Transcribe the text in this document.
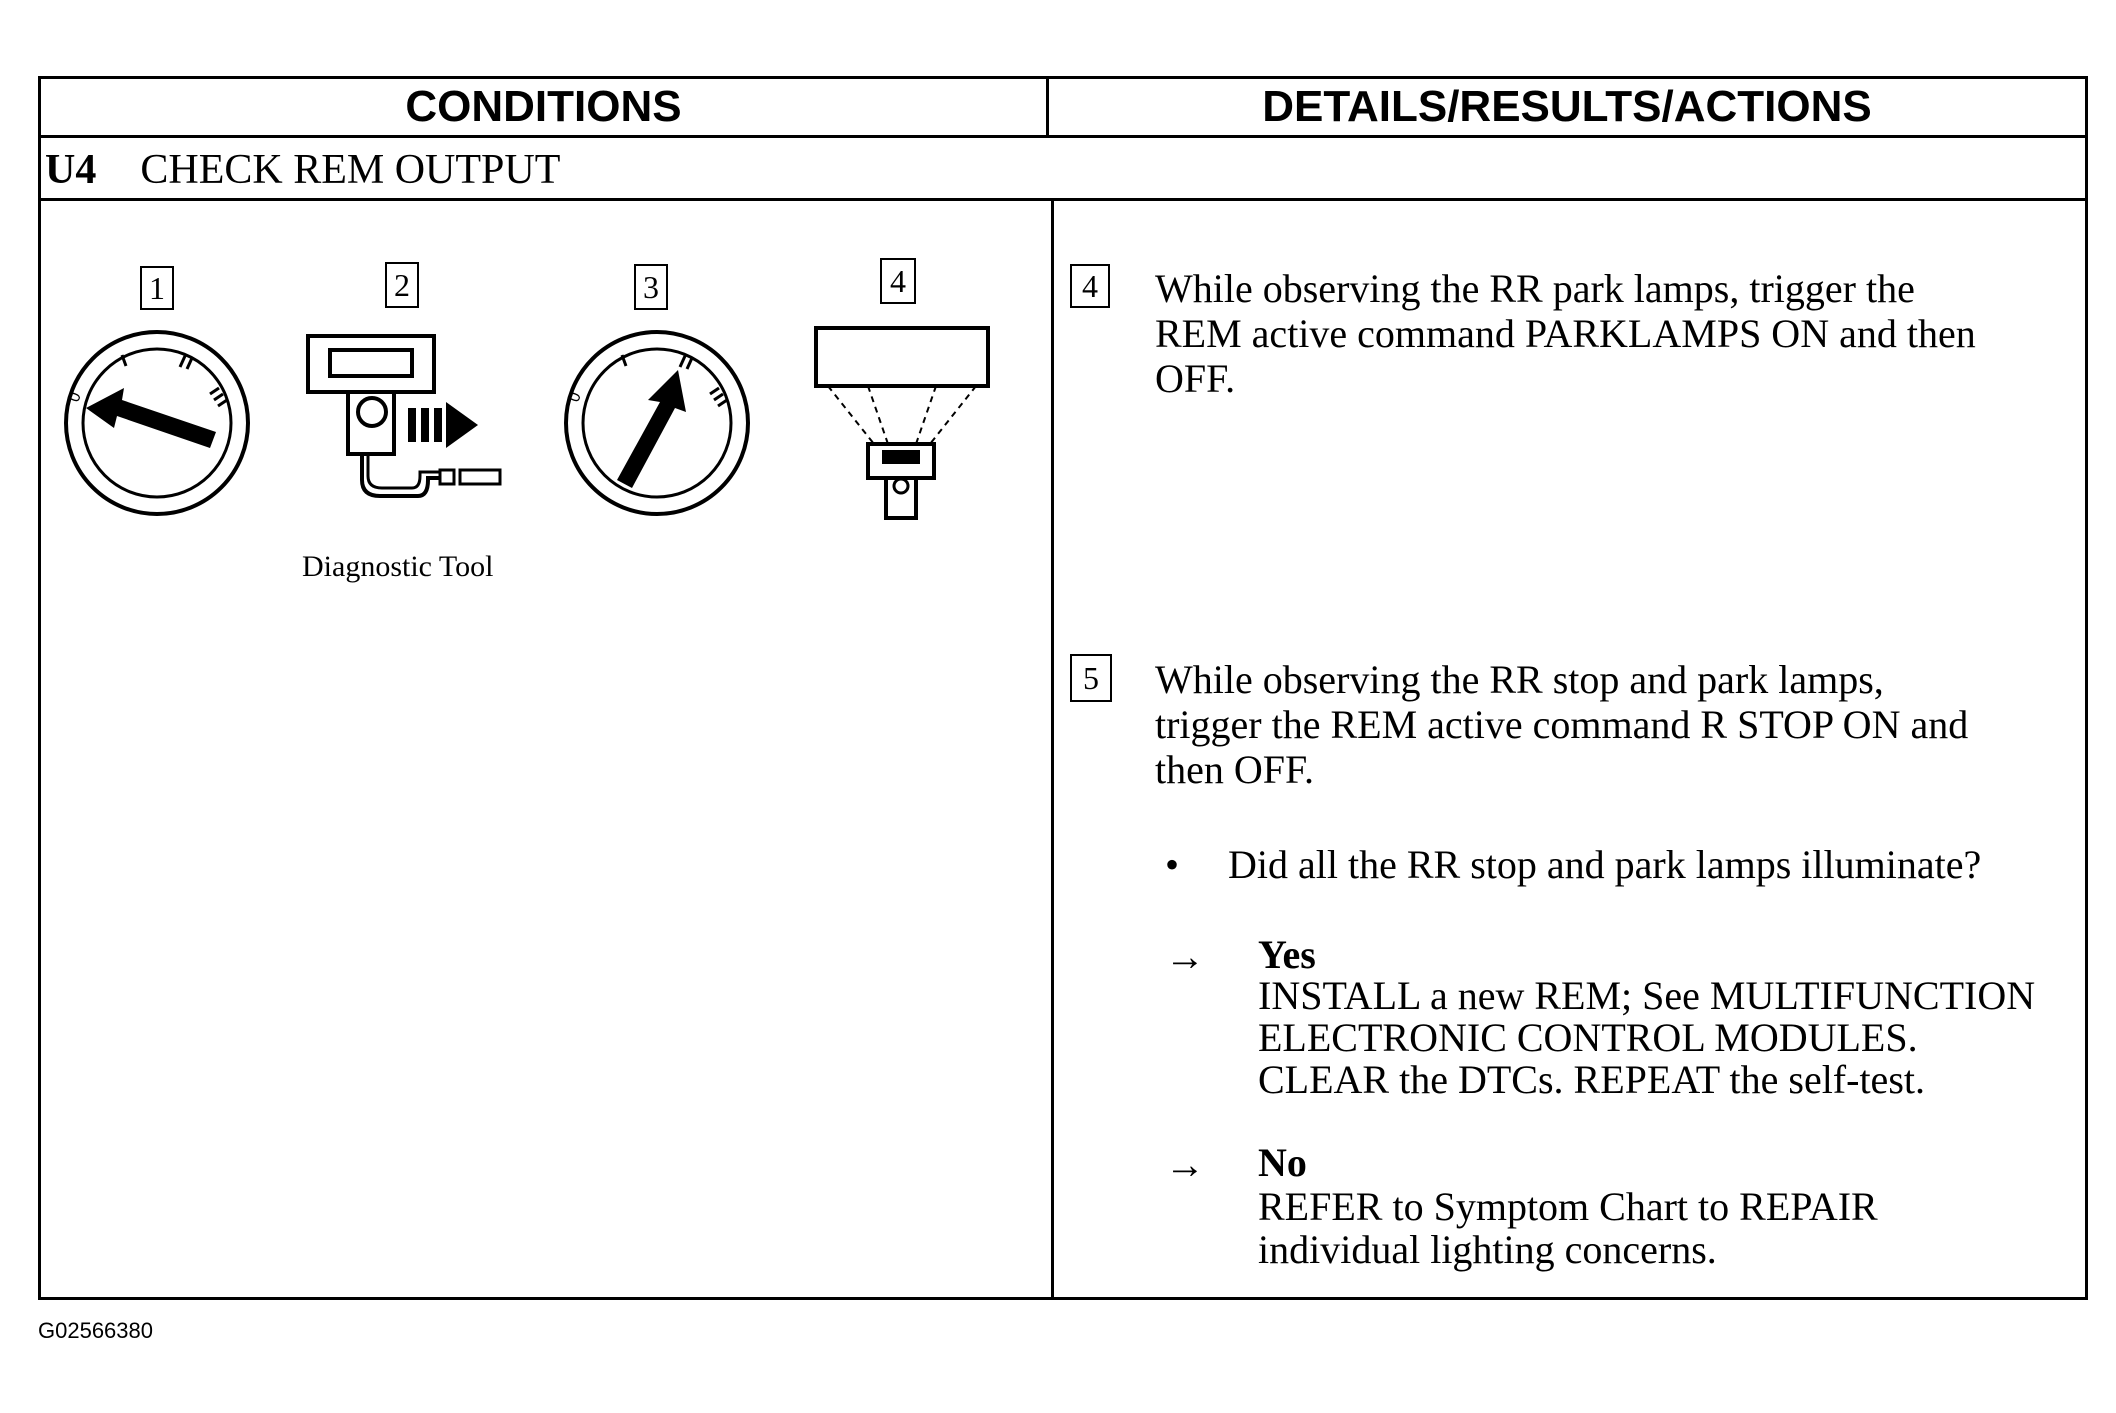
CONDITIONS	DETAILS/RESULTS/ACTIONS
U4 CHECK REM OUTPUT
1	2	3	4
0
Diagnostic Tool
0
4	While observing the RR park lamps, trigger the
REM active command PARKLAMPS ON and then
OFF.
5	While observing the RR stop and park lamps,
trigger the REM active command R STOP ON and
then OFF.
• Did all the RR stop and park lamps illuminate?
→ Yes
INSTALL a new REM; See MULTIFUNCTION
ELECTRONIC CONTROL MODULES.
CLEAR the DTCs. REPEAT the self-test.
→ No
REFER to Symptom Chart to REPAIR
individual lighting concerns.
G02566380
